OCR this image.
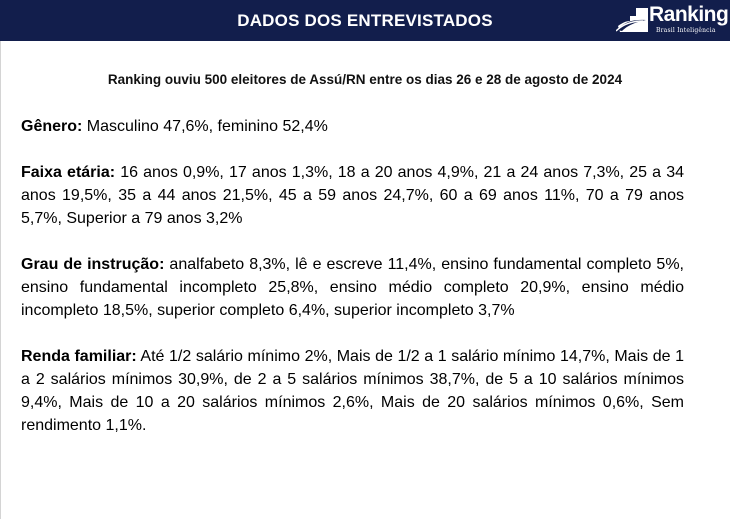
DADOS DOS ENTREVISTADOS	Ranking
Brasil Inteligência
Ranking ouviu 500 eleitores de Assú/RN entre os dias 26 e 28 de agosto de 2024
Gênero: Masculino 47,6%, feminino 52,4%
Faixa etária: 16 anos 0,9%, 17 anos 1,3%, 18 a 20 anos 4,9%, 21 a 24 anos 7,3%, 25 a 34 anos 19,5%, 35 a 44 anos 21,5%, 45 a 59 anos 24,7%, 60 a 69 anos 11%, 70 a 79 anos 5,7%, Superior a 79 anos 3,2%
Grau de instrução: analfabeto 8,3%, lê e escreve 11,4%, ensino fundamental completo 5%, ensino fundamental incompleto 25,8%, ensino médio completo 20,9%, ensino médio incompleto 18,5%, superior completo 6,4%, superior incompleto 3,7%
Renda familiar: Até 1/2 salário mínimo 2%, Mais de 1/2 a 1 salário mínimo 14,7%, Mais de 1 a 2 salários mínimos 30,9%, de 2 a 5 salários mínimos 38,7%, de 5 a 10 salários mínimos 9,4%, Mais de 10 a 20 salários mínimos 2,6%, Mais de 20 salários mínimos 0,6%, Sem rendimento 1,1%.
